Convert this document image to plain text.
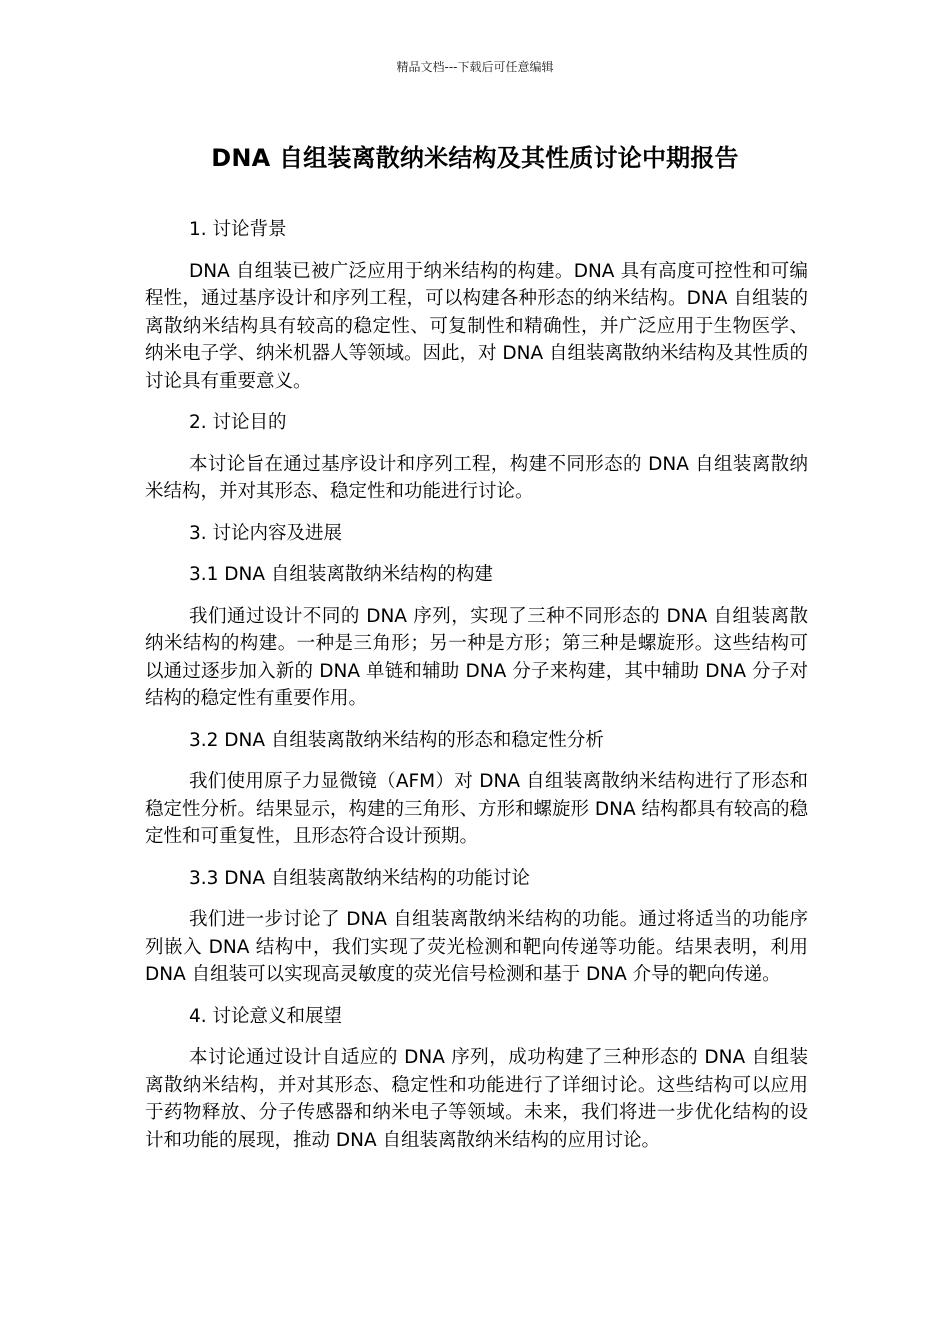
精品文档---下载后可任意编辑
DNA 自组装离散纳米结构及其性质讨论中期报告
1. 讨论背景
DNA 自组装已被广泛应用于纳米结构的构建。DNA 具有高度可控性和可编程性，通过基序设计和序列工程，可以构建各种形态的纳米结构。DNA 自组装的离散纳米结构具有较高的稳定性、可复制性和精确性，并广泛应用于生物医学、纳米电子学、纳米机器人等领域。因此，对 DNA 自组装离散纳米结构及其性质的讨论具有重要意义。
2. 讨论目的
本讨论旨在通过基序设计和序列工程，构建不同形态的 DNA 自组装离散纳米结构，并对其形态、稳定性和功能进行讨论。
3. 讨论内容及进展
3.1 DNA 自组装离散纳米结构的构建
我们通过设计不同的 DNA 序列，实现了三种不同形态的 DNA 自组装离散纳米结构的构建。一种是三角形；另一种是方形；第三种是螺旋形。这些结构可以通过逐步加入新的 DNA 单链和辅助 DNA 分子来构建，其中辅助 DNA 分子对结构的稳定性有重要作用。
3.2 DNA 自组装离散纳米结构的形态和稳定性分析
我们使用原子力显微镜（AFM）对 DNA 自组装离散纳米结构进行了形态和稳定性分析。结果显示，构建的三角形、方形和螺旋形 DNA 结构都具有较高的稳定性和可重复性，且形态符合设计预期。
3.3 DNA 自组装离散纳米结构的功能讨论
我们进一步讨论了 DNA 自组装离散纳米结构的功能。通过将适当的功能序列嵌入 DNA 结构中，我们实现了荧光检测和靶向传递等功能。结果表明，利用 DNA 自组装可以实现高灵敏度的荧光信号检测和基于 DNA 介导的靶向传递。
4. 讨论意义和展望
本讨论通过设计自适应的 DNA 序列，成功构建了三种形态的 DNA 自组装离散纳米结构，并对其形态、稳定性和功能进行了详细讨论。这些结构可以应用于药物释放、分子传感器和纳米电子等领域。未来，我们将进一步优化结构的设计和功能的展现，推动 DNA 自组装离散纳米结构的应用讨论。
